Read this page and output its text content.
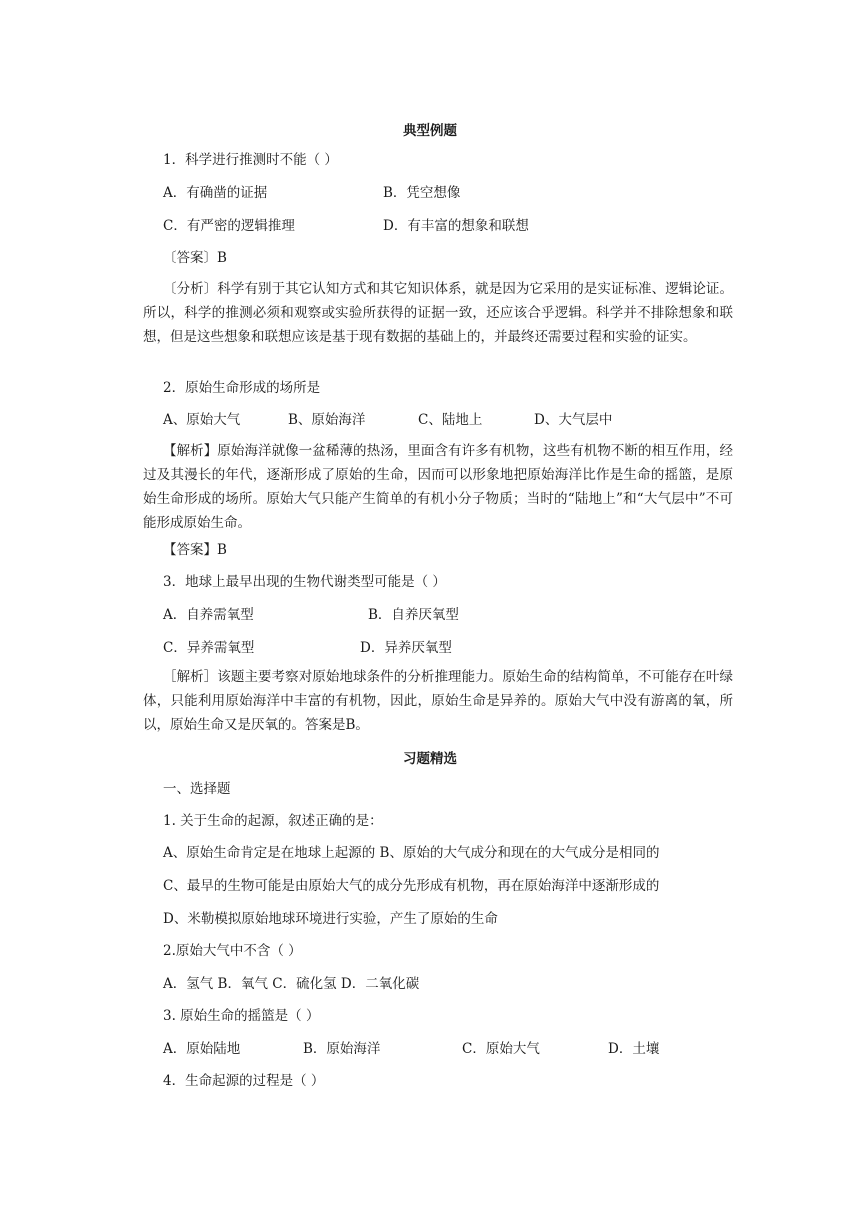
典型例题
1．科学进行推测时不能（ ）
A．有确凿的证据	B．凭空想像
C．有严密的逻辑推理	D．有丰富的想象和联想
〔答案〕B
〔分析〕科学有别于其它认知方式和其它知识体系，就是因为它采用的是实证标准、逻辑论证。所以，科学的推测必须和观察或实验所获得的证据一致，还应该合乎逻辑。科学并不排除想象和联想，但是这些想象和联想应该是基于现有数据的基础上的，并最终还需要过程和实验的证实。
2．原始生命形成的场所是
A、原始大气	B、原始海洋	C、陆地上	D、大气层中
【解析】原始海洋就像一盆稀薄的热汤，里面含有许多有机物，这些有机物不断的相互作用，经过及其漫长的年代，逐渐形成了原始的生命，因而可以形象地把原始海洋比作是生命的摇篮，是原始生命形成的场所。原始大气只能产生简单的有机小分子物质；当时的“陆地上”和“大气层中”不可能形成原始生命。
【答案】B
3．地球上最早出现的生物代谢类型可能是（ ）
A．自养需氧型	B．自养厌氧型
C．异养需氧型	D．异养厌氧型
［解析］该题主要考察对原始地球条件的分析推理能力。原始生命的结构简单，不可能存在叶绿体，只能利用原始海洋中丰富的有机物，因此，原始生命是异养的。原始大气中没有游离的氧，所以，原始生命又是厌氧的。答案是B。
习题精选
一、选择题
1. 关于生命的起源，叙述正确的是：
A、原始生命肯定是在地球上起源的 B、原始的大气成分和现在的大气成分是相同的
C、最早的生物可能是由原始大气的成分先形成有机物，再在原始海洋中逐渐形成的
D、米勒模拟原始地球环境进行实验，产生了原始的生命
2.原始大气中不含（ ）
A．氢气 B．氧气 C．硫化氢 D．二氧化碳
3. 原始生命的摇篮是（ ）
A．原始陆地	B．原始海洋	C．原始大气	D．土壤
4．生命起源的过程是（ ）
